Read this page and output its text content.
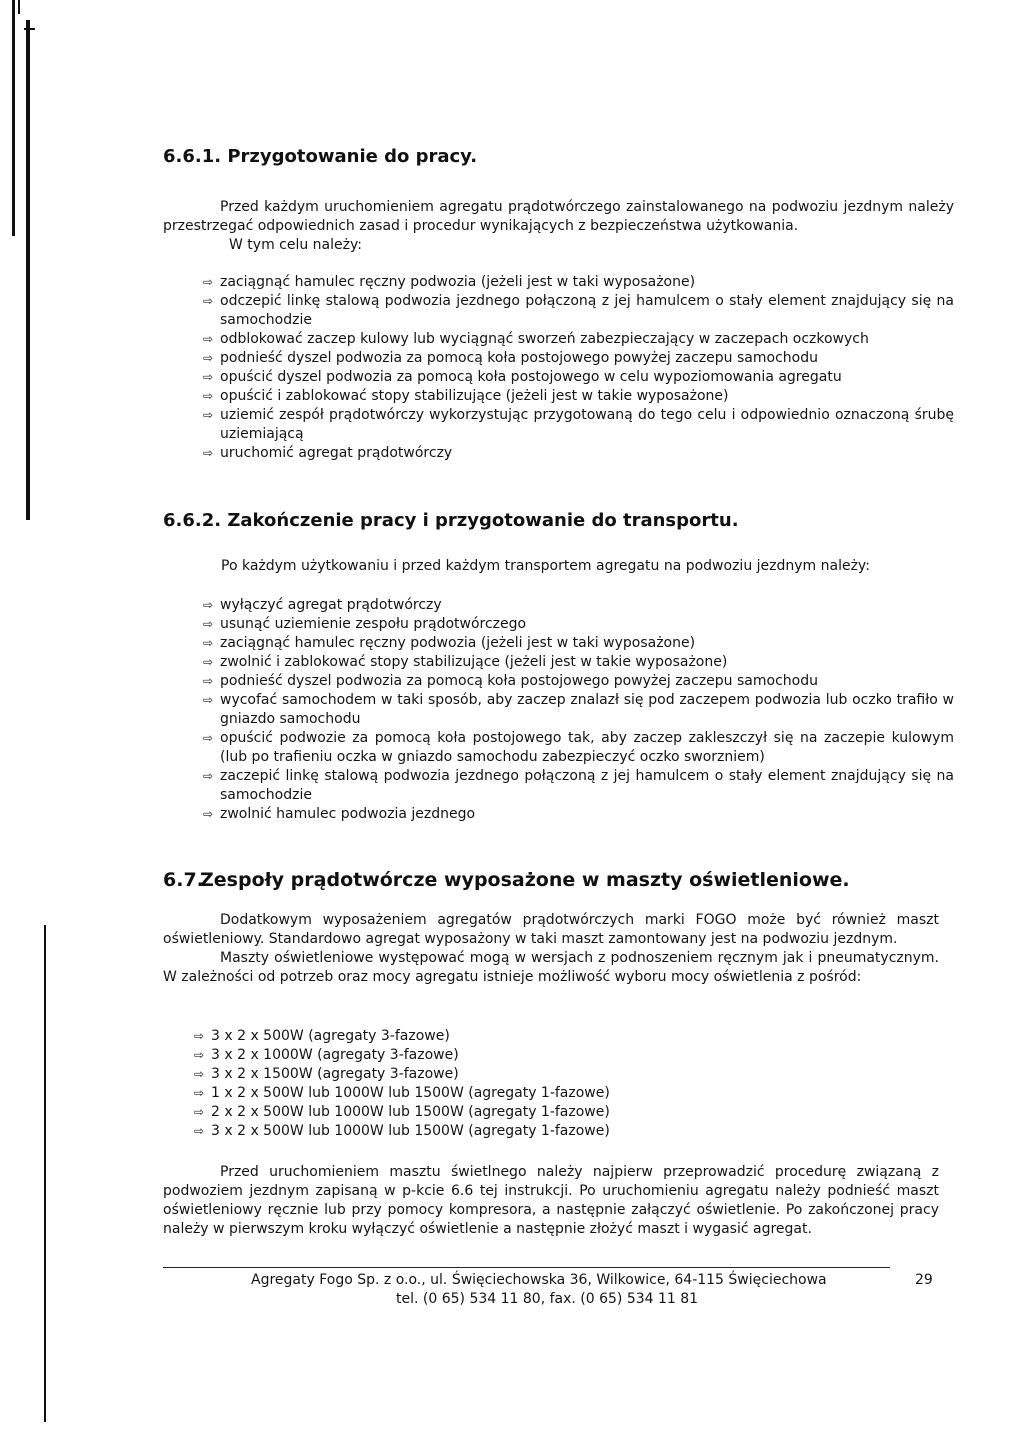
6.6.1. Przygotowanie do pracy.

Przed każdym uruchomieniem agregatu prądotwórczego zainstalowanego na podwoziu jezdnym należy przestrzegać odpowiednich zasad i procedur wynikających z bezpieczeństwa użytkowania.

W tym celu należy:

⇨ zaciągnąć hamulec ręczny podwozia (jeżeli jest w taki wyposażone)
⇨ odczepić linkę stalową podwozia jezdnego połączoną z jej hamulcem o stały element znajdujący się na samochodzie
⇨ odblokować zaczep kulowy lub wyciągnąć sworzeń zabezpieczający w zaczepach oczkowych
⇨ podnieść dyszel podwozia za pomocą koła postojowego powyżej zaczepu samochodu
⇨ opuścić dyszel podwozia za pomocą koła postojowego w celu wypoziomowania agregatu
⇨ opuścić i zablokować stopy stabilizujące (jeżeli jest w takie wyposażone)
⇨ uziemić zespół prądotwórczy wykorzystując przygotowaną do tego celu i odpowiednio oznaczoną śrubę uziemiającą
⇨ uruchomić agregat prądotwórczy
6.6.2. Zakończenie pracy i przygotowanie do transportu.

Po każdym użytkowaniu i przed każdym transportem agregatu na podwoziu jezdnym należy:

⇨ wyłączyć agregat prądotwórczy
⇨ usunąć uziemienie zespołu prądotwórczego
⇨ zaciągnąć hamulec ręczny podwozia (jeżeli jest w taki wyposażone)
⇨ zwolnić i zablokować stopy stabilizujące (jeżeli jest w takie wyposażone)
⇨ podnieść dyszel podwozia za pomocą koła postojowego powyżej zaczepu samochodu
⇨ wycofać samochodem w taki sposób, aby zaczep znalazł się pod zaczepem podwozia lub oczko trafiło w gniazdo samochodu
⇨ opuścić podwozie za pomocą koła postojowego tak, aby zaczep zakleszczył się na zaczepie kulowym (lub po trafieniu oczka w gniazdo samochodu zabezpieczyć oczko sworzniem)
⇨ zaczepić linkę stalową podwozia jezdnego połączoną z jej hamulcem o stały element znajdujący się na samochodzie
⇨ zwolnić hamulec podwozia jezdnego
6.7.Zespoły prądotwórcze wyposażone w maszty oświetleniowe.

Dodatkowym wyposażeniem agregatów prądotwórczych marki FOGO może być również maszt oświetleniowy. Standardowo agregat wyposażony w taki maszt zamontowany jest na podwoziu jezdnym.

Maszty oświetleniowe występować mogą w wersjach z podnoszeniem ręcznym jak i pneumatycznym. W zależności od potrzeb oraz mocy agregatu istnieje możliwość wyboru mocy oświetlenia z pośród:

⇨ 3 x 2 x 500W (agregaty 3-fazowe)
⇨ 3 x 2 x 1000W (agregaty 3-fazowe)
⇨ 3 x 2 x 1500W (agregaty 3-fazowe)
⇨ 1 x 2 x 500W lub 1000W lub 1500W (agregaty 1-fazowe)
⇨ 2 x 2 x 500W lub 1000W lub 1500W (agregaty 1-fazowe)
⇨ 3 x 2 x 500W lub 1000W lub 1500W (agregaty 1-fazowe)

Przed uruchomieniem masztu świetlnego należy najpierw przeprowadzić procedurę związaną z podwoziem jezdnym zapisaną w p-kcie 6.6 tej instrukcji. Po uruchomieniu agregatu należy podnieść maszt oświetleniowy ręcznie lub przy pomocy kompresora, a następnie załączyć oświetlenie. Po zakończonej pracy należy w pierwszym kroku wyłączyć oświetlenie a następnie złożyć maszt i wygasić agregat.

Agregaty Fogo Sp. z o.o., ul. Święciechowska 36, Wilkowice, 64-115 Święciechowa	29
tel. (0 65) 534 11 80, fax. (0 65) 534 11 81
